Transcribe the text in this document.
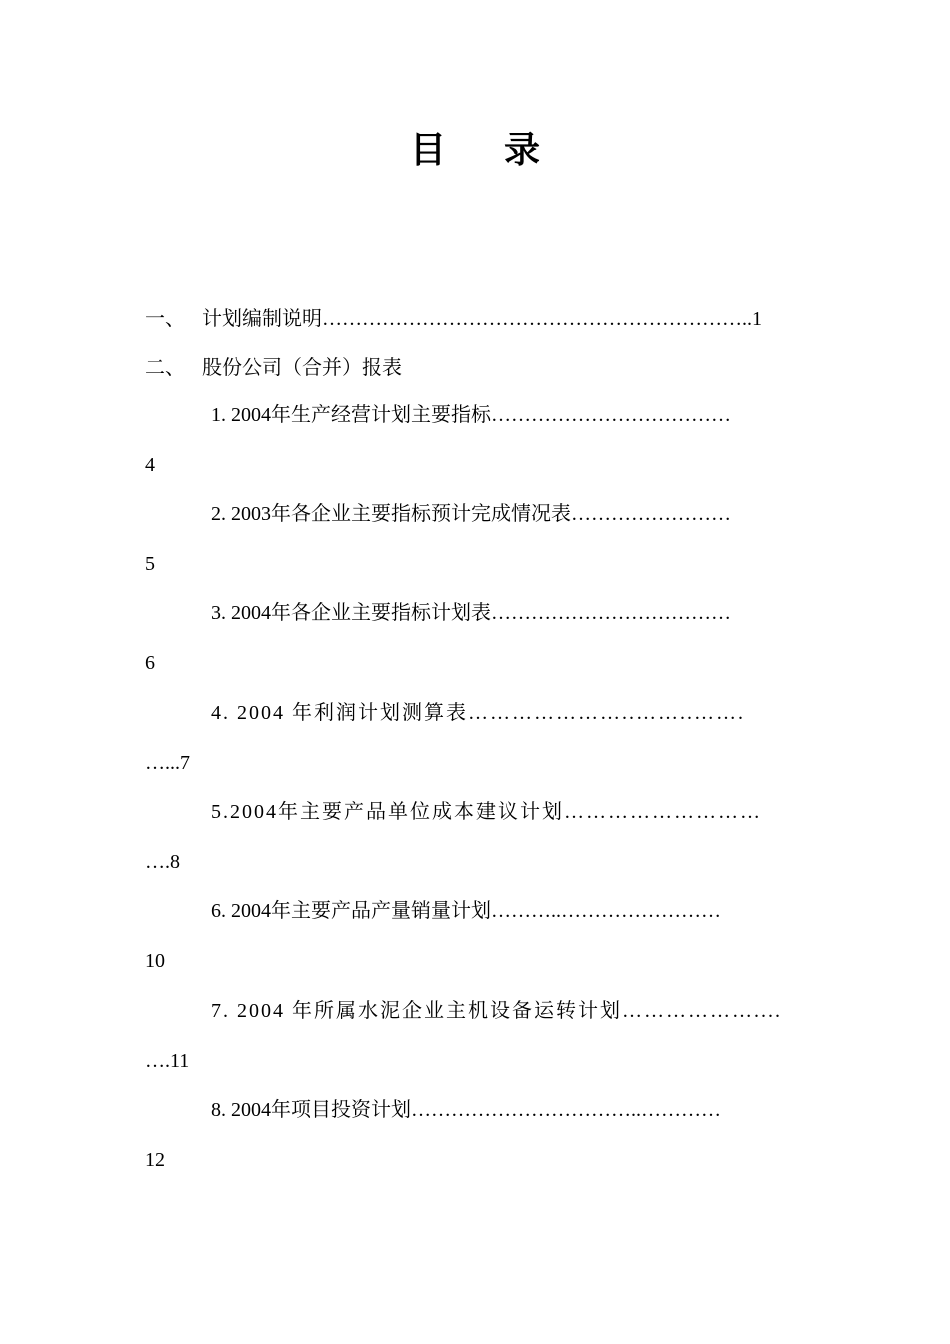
目 录
一、 计划编制说明………………………………………………………..1
二、 股份公司（合并）报表
1. 2004年生产经营计划主要指标………………………………
4
2. 2003年各企业主要指标预计完成情况表……………………
5
3. 2004年各企业主要指标计划表………………………………
6
4. 2004 年利润计划测算表…………………..……..…….
…...7
5.2004年主要产品单位成本建议计划………………………
….8
6. 2004年主要产品产量销量计划………..……………………
10
7. 2004 年所属水泥企业主机设备运转计划………………....
….11
8. 2004年项目投资计划……………………………..…………
12
